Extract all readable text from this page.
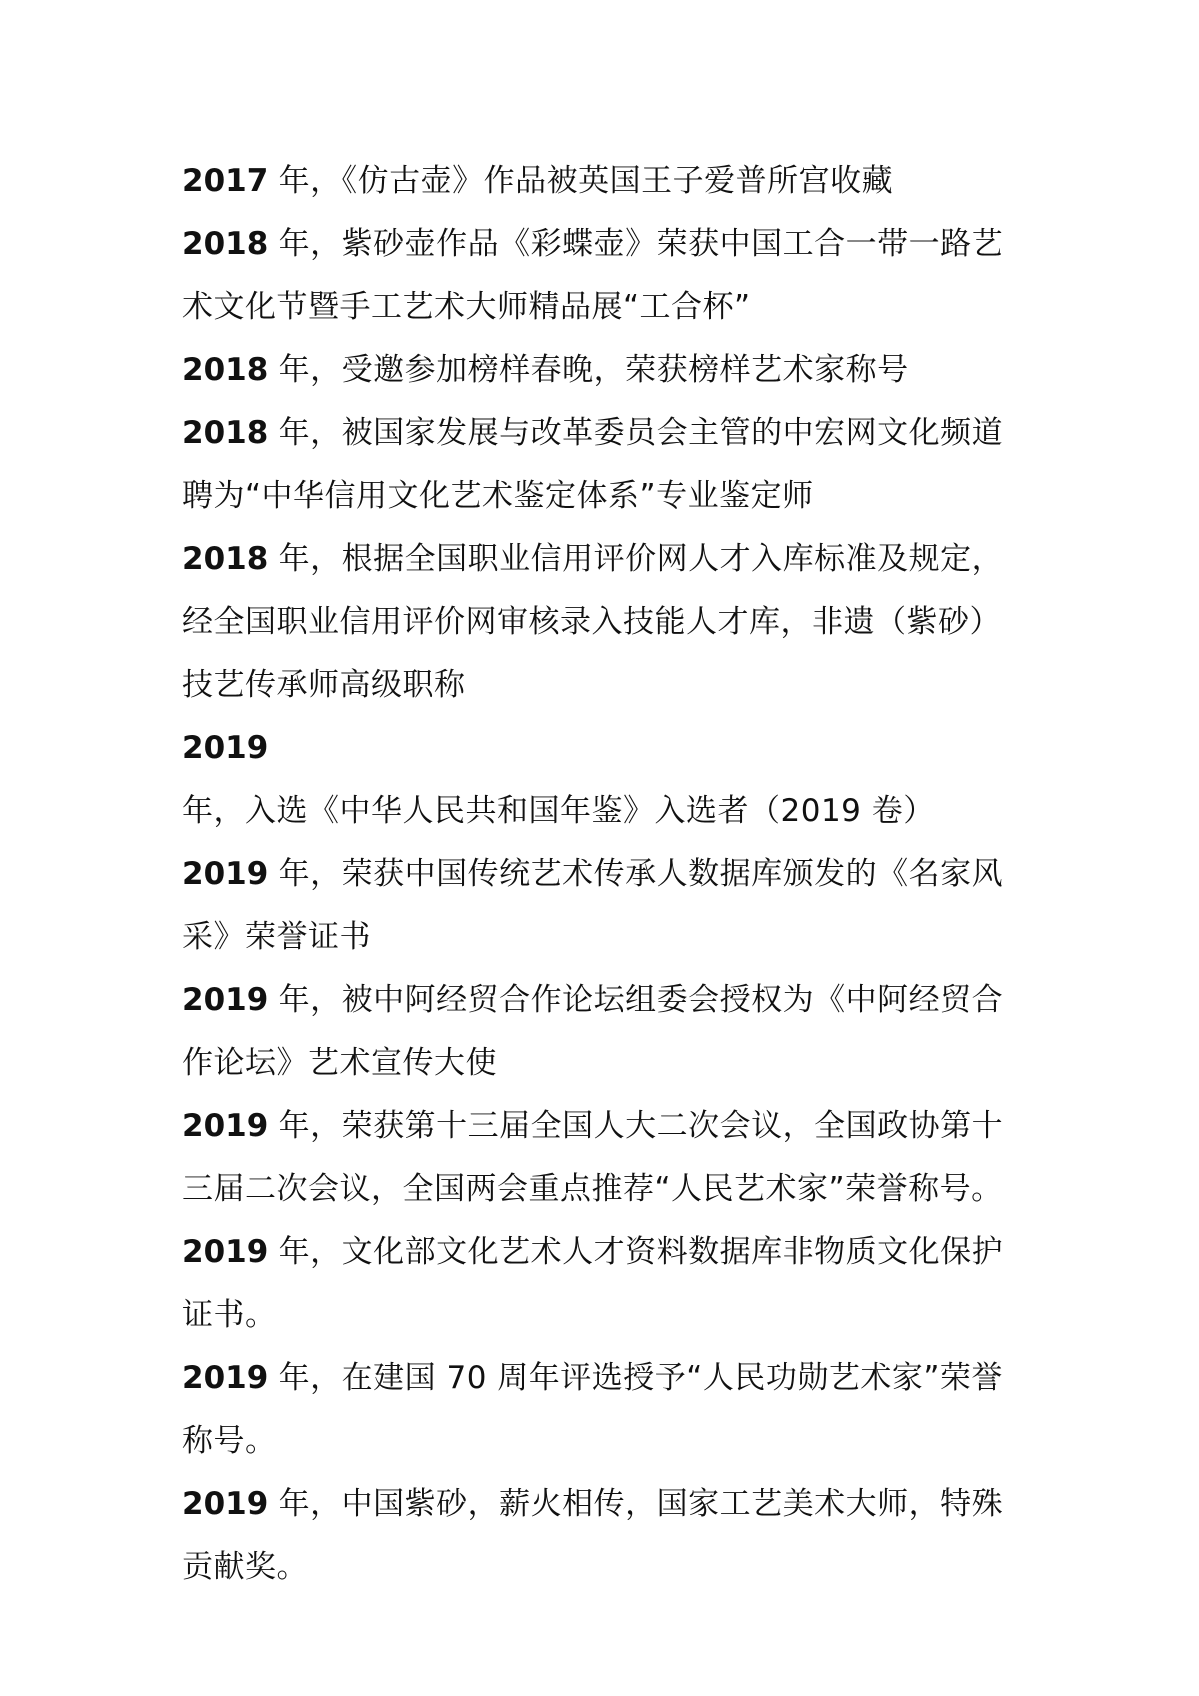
2017 年，《仿古壶》作品被英国王子爱普所宫收藏

2018 年，紫砂壶作品《彩蝶壶》荣获中国工合一带一路艺术文化节暨手工艺术大师精品展“工合杯”

2018 年，受邀参加榜样春晚，荣获榜样艺术家称号

2018 年，被国家发展与改革委员会主管的中宏网文化频道聘为“中华信用文化艺术鉴定体系”专业鉴定师

2018 年，根据全国职业信用评价网人才入库标准及规定，经全国职业信用评价网审核录入技能人才库，非遗（紫砂）技艺传承师高级职称

2019 年，入选《中华人民共和国年鉴》入选者（2019 卷）

2019 年，荣获中国传统艺术传承人数据库颁发的《名家风采》荣誉证书

2019 年，被中阿经贸合作论坛组委会授权为《中阿经贸合作论坛》艺术宣传大使

2019 年，荣获第十三届全国人大二次会议，全国政协第十三届二次会议，全国两会重点推荐“人民艺术家”荣誉称号。

2019 年，文化部文化艺术人才资料数据库非物质文化保护证书。

2019 年，在建国 70 周年评选授予“人民功勋艺术家”荣誉称号。

2019 年，中国紫砂，薪火相传，国家工艺美术大师，特殊贡献奖。
